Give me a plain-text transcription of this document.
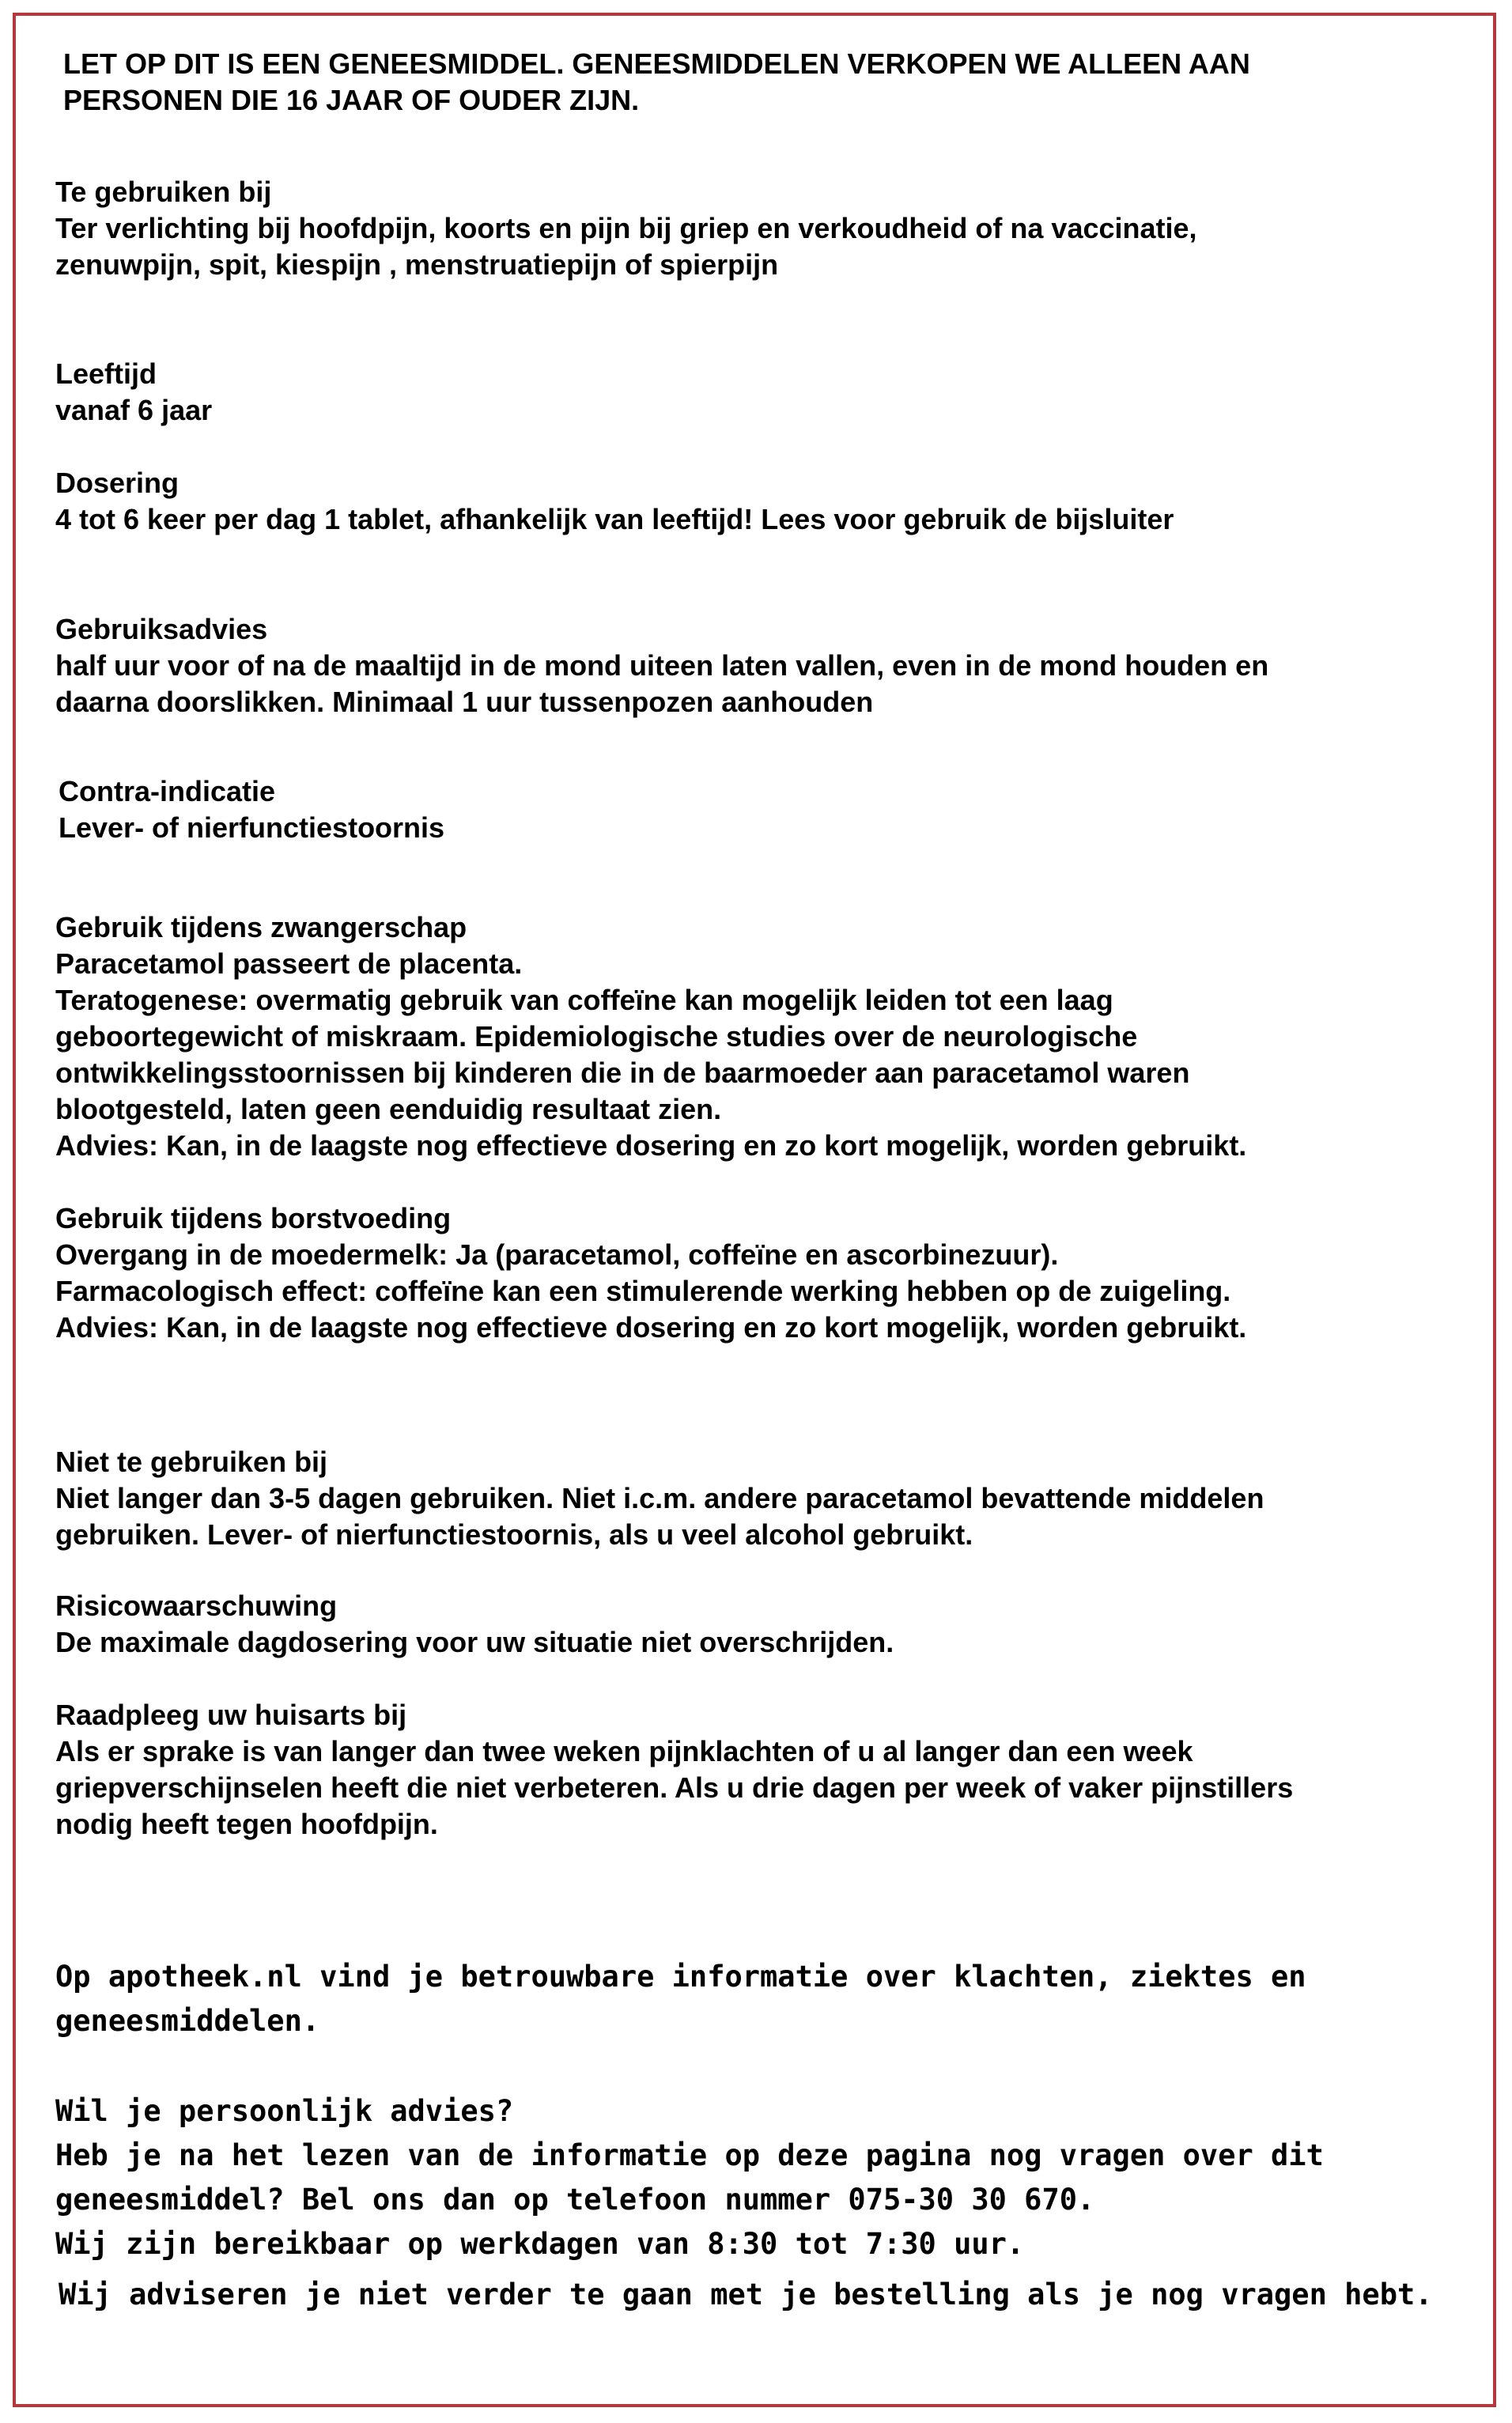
LET OP DIT IS EEN GENEESMIDDEL. GENEESMIDDELEN VERKOPEN WE ALLEEN AAN
PERSONEN DIE 16 JAAR OF OUDER ZIJN.
Te gebruiken bij
Ter verlichting bij hoofdpijn, koorts en pijn bij griep en verkoudheid of na vaccinatie,
zenuwpijn, spit, kiespijn , menstruatiepijn of spierpijn
Leeftijd
vanaf 6 jaar
Dosering
4 tot 6 keer per dag 1 tablet, afhankelijk van leeftijd! Lees voor gebruik de bijsluiter
Gebruiksadvies
half uur voor of na de maaltijd in de mond uiteen laten vallen, even in de mond houden en
daarna doorslikken. Minimaal 1 uur tussenpozen aanhouden
Contra-indicatie
Lever- of nierfunctiestoornis
Gebruik tijdens zwangerschap
Paracetamol passeert de placenta.
Teratogenese: overmatig gebruik van coffeïne kan mogelijk leiden tot een laag
geboortegewicht of miskraam. Epidemiologische studies over de neurologische
ontwikkelingsstoornissen bij kinderen die in de baarmoeder aan paracetamol waren
blootgesteld, laten geen eenduidig resultaat zien.
Advies: Kan, in de laagste nog effectieve dosering en zo kort mogelijk, worden gebruikt.
Gebruik tijdens borstvoeding
Overgang in de moedermelk: Ja (paracetamol, coffeïne en ascorbinezuur).
Farmacologisch effect: coffeïne kan een stimulerende werking hebben op de zuigeling.
Advies: Kan, in de laagste nog effectieve dosering en zo kort mogelijk, worden gebruikt.
Niet te gebruiken bij
Niet langer dan 3-5 dagen gebruiken. Niet i.c.m. andere paracetamol bevattende middelen
gebruiken. Lever- of nierfunctiestoornis, als u veel alcohol gebruikt.
Risicowaarschuwing
De maximale dagdosering voor uw situatie niet overschrijden.
Raadpleeg uw huisarts bij
Als er sprake is van langer dan twee weken pijnklachten of u al langer dan een week
griepverschijnselen heeft die niet verbeteren. Als u drie dagen per week of vaker pijnstillers
nodig heeft tegen hoofdpijn.
Op apotheek.nl vind je betrouwbare informatie over klachten, ziektes en
geneesmiddelen.
Wil je persoonlijk advies?
Heb je na het lezen van de informatie op deze pagina nog vragen over dit
geneesmiddel? Bel ons dan op telefoon nummer 075-30 30 670.
Wij zijn bereikbaar op werkdagen van 8:30 tot 7:30 uur.
Wij adviseren je niet verder te gaan met je bestelling als je nog vragen hebt.
